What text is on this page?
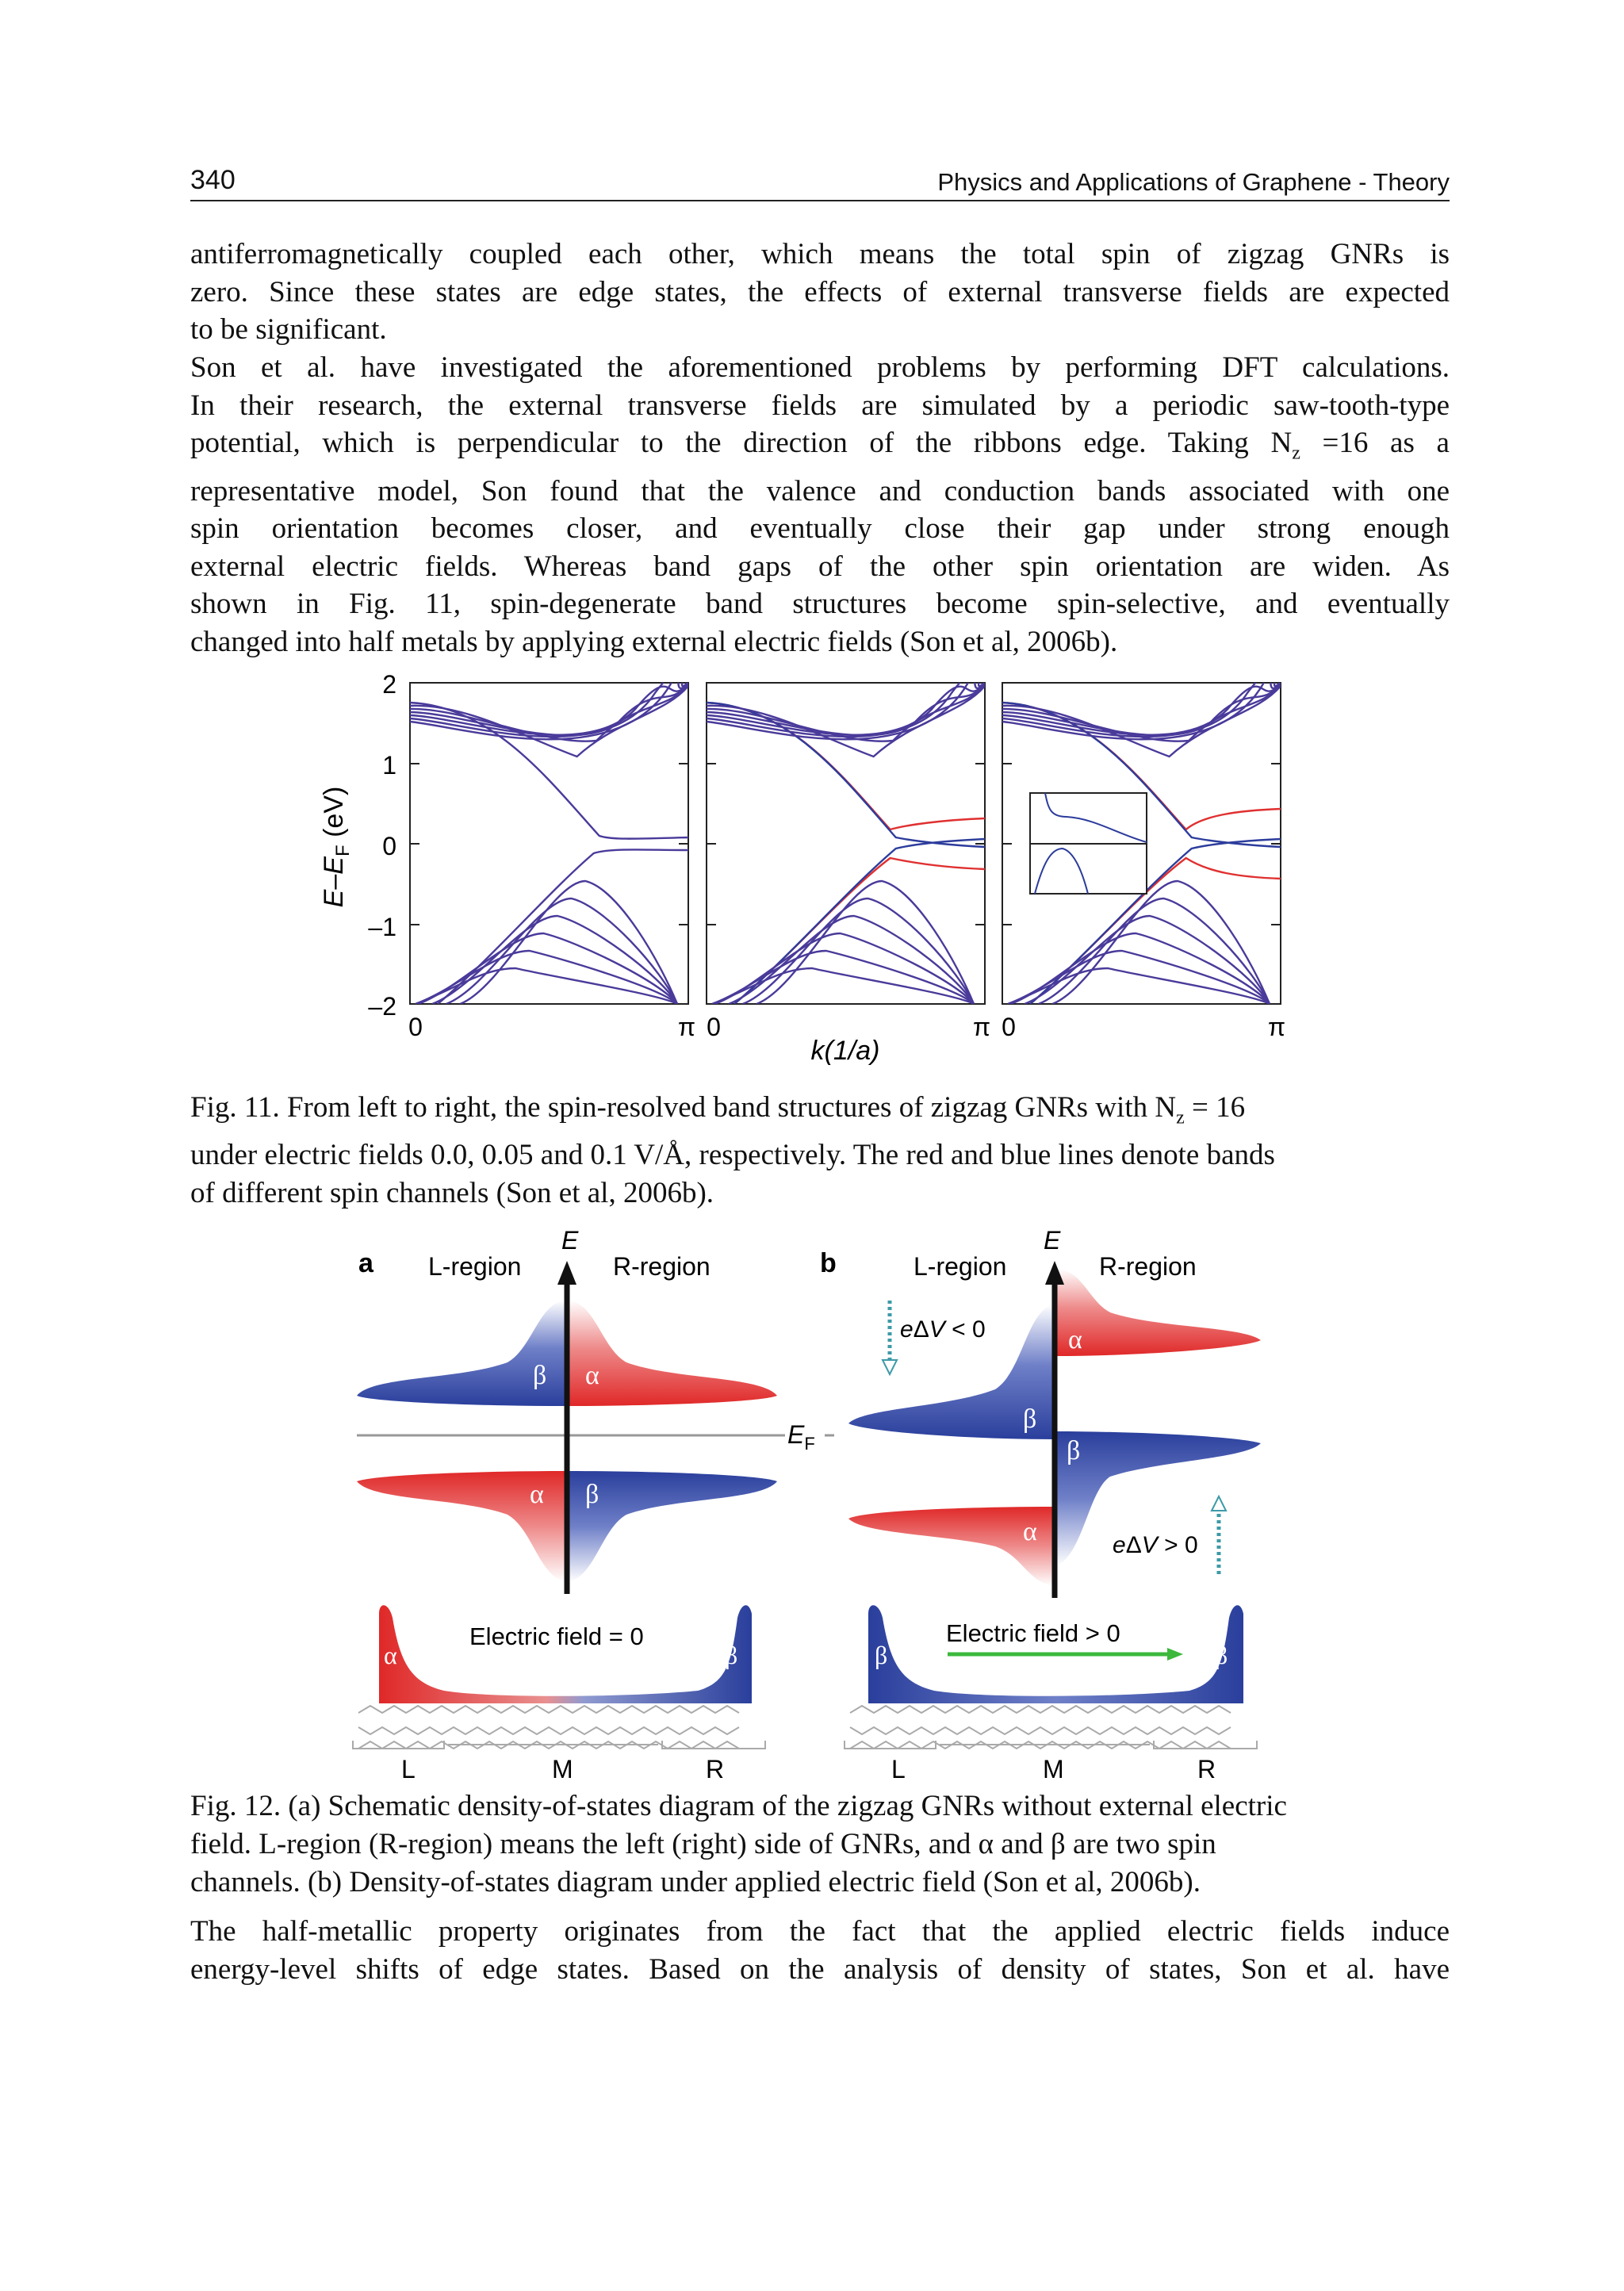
340	Physics and Applications of Graphene - Theory
antiferromagnetically coupled each other, which means the total spin of zigzag GNRs is
zero. Since these states are edge states, the effects of external transverse fields are expected
to be significant.
Son et al. have investigated the aforementioned problems by performing DFT calculations.
In their research, the external transverse fields are simulated by a periodic saw-tooth-type
potential, which is perpendicular to the direction of the ribbons edge. Taking $N_z =16$ as a
representative model, Son found that the valence and conduction bands associated with one
spin orientation becomes closer, and eventually close their gap under strong enough
external electric fields. Whereas band gaps of the other spin orientation are widen. As
shown in Fig. 11, spin-degenerate band structures become spin-selective, and eventually
changed into half metals by applying external electric fields (Son et al, 2006b).
$E-E_F$ (eV)
2
1
0
–1
–2
0	π 0	π 0	π
k(1/a)
Fig. 11. From left to right, the spin-resolved band structures of zigzag GNRs with $N_z = 16$
under electric fields 0.0, 0.05 and 0.1 V/Å, respectively. The red and blue lines denote bands
of different spin channels (Son et al, 2006b).
a L-region	R-region
E
β α
α β
Electric field = 0
α	β
L	M	R
b	L-region	R-region
E
$E_F$
α
β
β
α
eΔV < 0
eΔV > 0
Electric field > 0
β	β
L	M	R
Fig. 12. (a) Schematic density-of-states diagram of the zigzag GNRs without external electric
field. L-region (R-region) means the left (right) side of GNRs, and α and β are two spin
channels. (b) Density-of-states diagram under applied electric field (Son et al, 2006b).
The half-metallic property originates from the fact that the applied electric fields induce
energy-level shifts of edge states. Based on the analysis of density of states, Son et al. have
